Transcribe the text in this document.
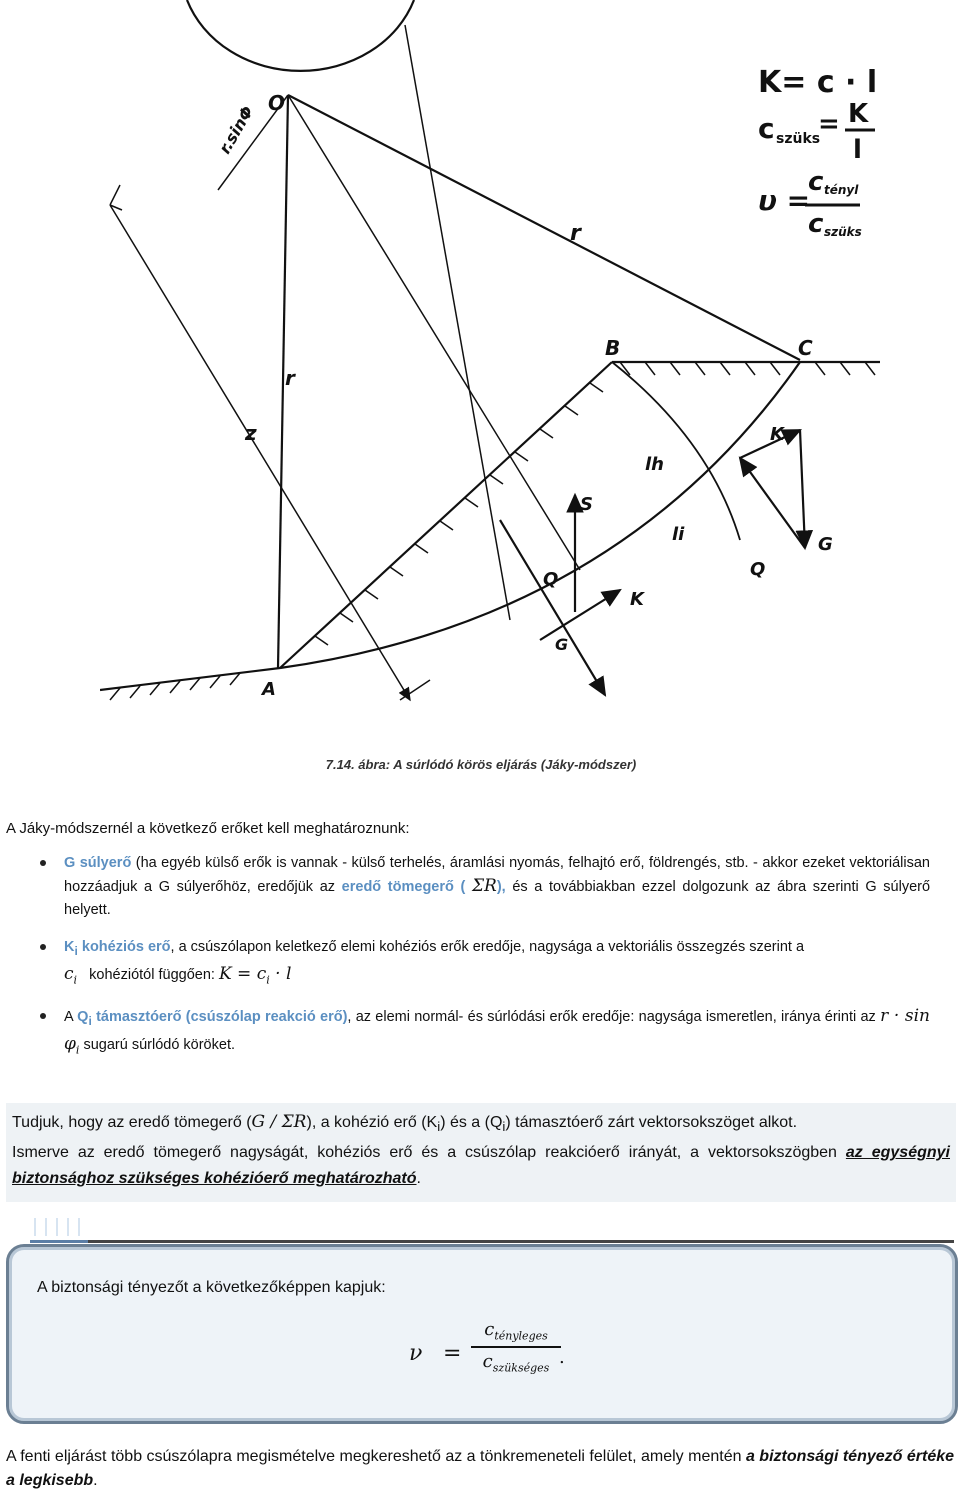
O
r.sinΦ
r
r
z
B	C
A
lh
li
S
Q
G
K
K
G
Q
K= c · l
c szüks
= K
l
υ =
c tényl
c szüks
7.14. ábra: A súrlódó körös eljárás (Jáky-módszer)

A Jáky-módszernél a következő erőket kell meghatároznunk:

G súlyerő (ha egyéb külső erők is vannak - külső terhelés, áramlási nyomás, felhajtó erő, földrengés, stb. - akkor ezeket vektoriálisan hozzáadjuk a G súlyerőhöz, eredőjük az eredő tömegerő ( ΣR), és a továbbiakban ezzel dolgozunk az ábra szerinti G súlyerő helyett.
$K_i$ kohéziós erő, a csúszólapon keletkező elemi kohéziós erők eredője, nagysága a vektoriális összegzés szerint a
$c_i$ kohéziótól függően: $K = c_i \cdot l$
A $Q_i$ támasztóerő (csúszólap reakció erő), az elemi normál- és súrlódási erők eredője: nagysága ismeretlen, iránya érinti az $r \cdot \sin \varphi_i$ sugarú súrlódó köröket.

Tudjuk, hogy az eredő tömegerő (G / ΣR), a kohézió erő $(K_i)$ és a $(Q_i)$ támasztóerő zárt vektorsokszöget alkot.

Ismerve az eredő tömegerő nagyságát, kohéziós erő és a csúszólap reakcióerő irányát, a vektorsokszögben az egységnyi biztonsághoz szükséges kohézióerő meghatározható.

A biztonsági tényezőt a következőképpen kapjuk:

ν =
$c_{tényleges}$
$c_{szükséges}$ .

A fenti eljárást több csúszólapra megismételve megkereshető az a tönkremeneteli felület, amely mentén a biztonsági tényező értéke a legkisebb.
